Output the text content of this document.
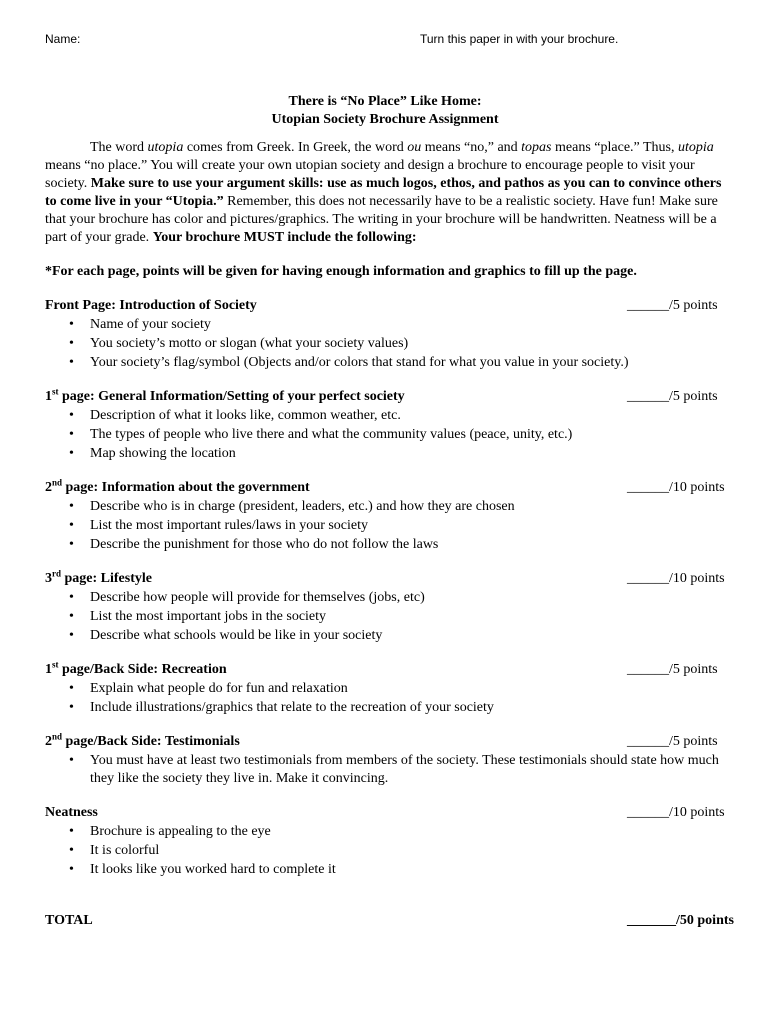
Name:	Turn this paper in with your brochure.

There is “No Place” Like Home:
Utopian Society Brochure Assignment

The word utopia comes from Greek. In Greek, the word ou means “no,” and topas means “place.” Thus, utopia means “no place.” You will create your own utopian society and design a brochure to encourage people to visit your society. Make sure to use your argument skills: use as much logos, ethos, and pathos as you can to convince others to come live in your “Utopia.” Remember, this does not necessarily have to be a realistic society. Have fun! Make sure that your brochure has color and pictures/graphics. The writing in your brochure will be handwritten. Neatness will be a part of your grade. Your brochure MUST include the following:

*For each page, points will be given for having enough information and graphics to fill up the page.

Front Page: Introduction of Society	______/5 points
• Name of your society
• You society’s motto or slogan (what your society values)
• Your society’s flag/symbol (Objects and/or colors that stand for what you value in your society.)
1st page: General Information/Setting of your perfect society	______/5 points
• Description of what it looks like, common weather, etc.
• The types of people who live there and what the community values (peace, unity, etc.)
• Map showing the location
2nd page: Information about the government	______/10 points
• Describe who is in charge (president, leaders, etc.) and how they are chosen
• List the most important rules/laws in your society
• Describe the punishment for those who do not follow the laws
3rd page: Lifestyle	______/10 points
• Describe how people will provide for themselves (jobs, etc)
• List the most important jobs in the society
• Describe what schools would be like in your society
1st page/Back Side: Recreation	______/5 points
• Explain what people do for fun and relaxation
• Include illustrations/graphics that relate to the recreation of your society
2nd page/Back Side: Testimonials	______/5 points
• You must have at least two testimonials from members of the society. These testimonials should state how much they like the society they live in. Make it convincing.
Neatness	______/10 points
• Brochure is appealing to the eye
• It is colorful
• It looks like you worked hard to complete it
TOTAL	_______/50 points
